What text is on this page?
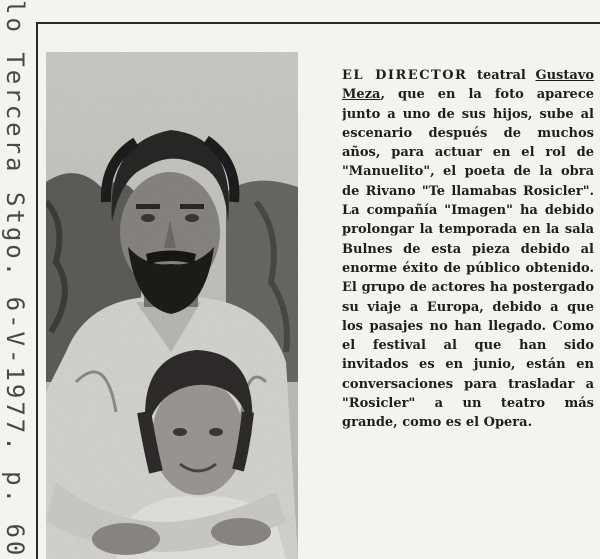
lo Tercera Stgo. 6-V-1977. p. 60	EL DIRECTOR teatral Gustavo Meza, que en la foto aparece junto a uno de sus hijos, sube al escenario después de muchos años, para actuar en el rol de "Manuelito", el poeta de la obra de Rivano "Te llamabas Rosicler". La compañía "Imagen" ha debido prolongar la temporada en la sala Bulnes de esta pieza debido al enorme éxito de público obtenido. El grupo de actores ha postergado su viaje a Europa, debido a que los pasajes no han llegado. Como el festival al que han sido invitados es en junio, están en conversaciones para trasladar a "Rosicler" a un teatro más grande, como es el Opera.
